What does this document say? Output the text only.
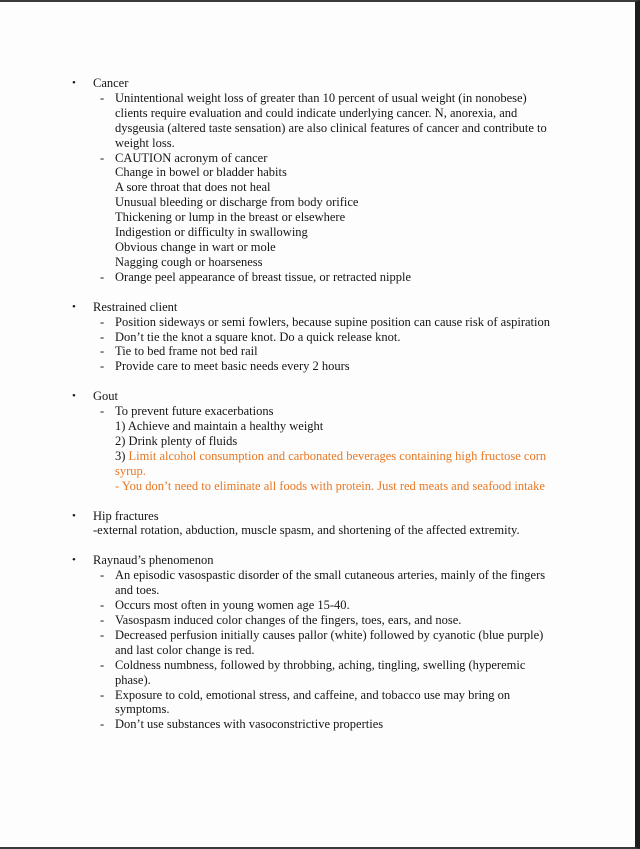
•	Cancer
- Unintentional weight loss of greater than 10 percent of usual weight (in nonobese) clients require evaluation and could indicate underlying cancer. N, anorexia, and dysgeusia (altered taste sensation) are also clinical features of cancer and contribute to weight loss.
- CAUTION acronym of cancer
Change in bowel or bladder habits
A sore throat that does not heal
Unusual bleeding or discharge from body orifice
Thickening or lump in the breast or elsewhere
Indigestion or difficulty in swallowing
Obvious change in wart or mole
Nagging cough or hoarseness
- Orange peel appearance of breast tissue, or retracted nipple
•	Restrained client
- Position sideways or semi fowlers, because supine position can cause risk of aspiration
- Don’t tie the knot a square knot. Do a quick release knot.
- Tie to bed frame not bed rail
- Provide care to meet basic needs every 2 hours
•	Gout
- To prevent future exacerbations
1) Achieve and maintain a healthy weight
2) Drink plenty of fluids
3) Limit alcohol consumption and carbonated beverages containing high fructose corn syrup.
- You don’t need to eliminate all foods with protein. Just red meats and seafood intake
•	Hip fractures
-external rotation, abduction, muscle spasm, and shortening of the affected extremity.
•	Raynaud’s phenomenon
- An episodic vasospastic disorder of the small cutaneous arteries, mainly of the fingers and toes.
- Occurs most often in young women age 15-40.
- Vasospasm induced color changes of the fingers, toes, ears, and nose.
- Decreased perfusion initially causes pallor (white) followed by cyanotic (blue purple) and last color change is red.
- Coldness numbness, followed by throbbing, aching, tingling, swelling (hyperemic phase).
- Exposure to cold, emotional stress, and caffeine, and tobacco use may bring on symptoms.
- Don’t use substances with vasoconstrictive properties
